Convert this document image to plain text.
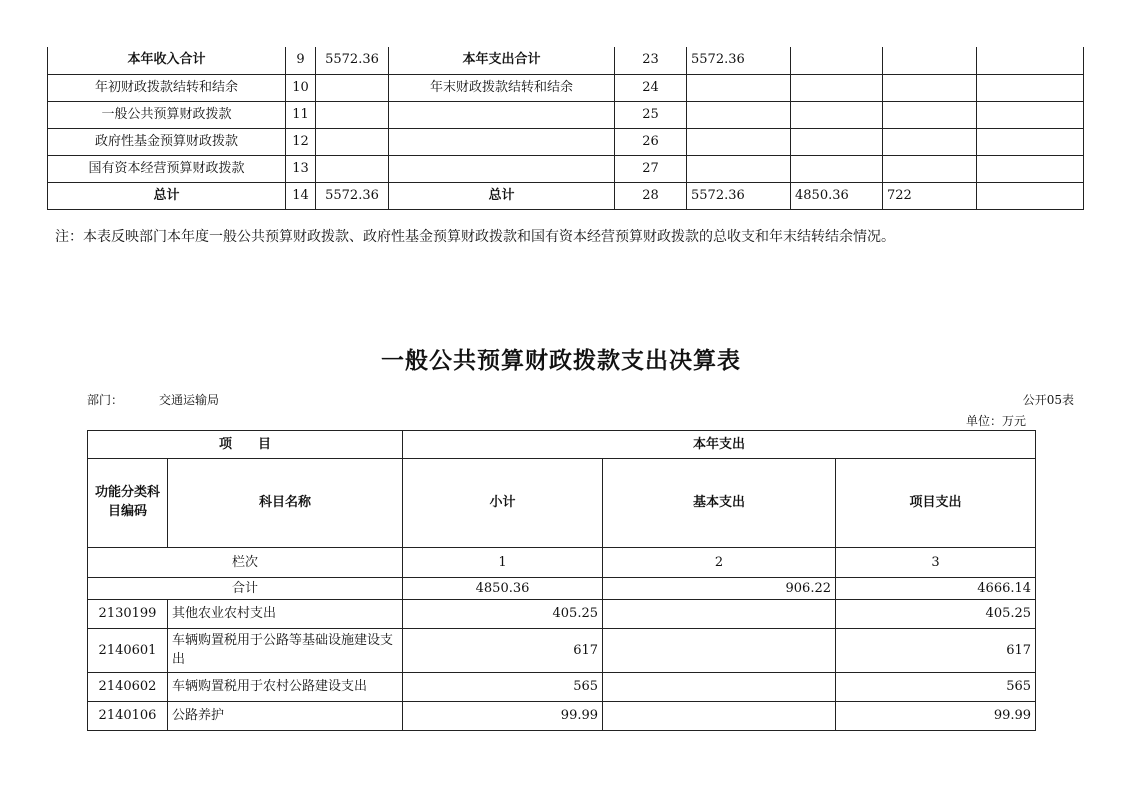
本年收入合计	9	5572.36	本年支出合计	23	5572.36			
年初财政拨款结转和结余	10		年末财政拨款结转和结余	24				
一般公共预算财政拨款	11			25				
政府性基金预算财政拨款	12			26				
国有资本经营预算财政拨款	13			27				
总计	14	5572.36	总计	28	5572.36	4850.36	722	
注：本表反映部门本年度一般公共预算财政拨款、政府性基金预算财政拨款和国有资本经营预算财政拨款的总收支和年末结转结余情况。
一般公共预算财政拨款支出决算表
部门：	交通运输局	公开05表
单位：万元
项　　目		本年支出		
功能分类科目编码	科目名称	小计	基本支出	项目支出
栏次		1	2	3
合计		4850.36	906.22	4666.14
2130199	其他农业农村支出	405.25		405.25
2140601	车辆购置税用于公路等基础设施建设支出	617		617
2140602	车辆购置税用于农村公路建设支出	565		565
2140106	公路养护	99.99		99.99
